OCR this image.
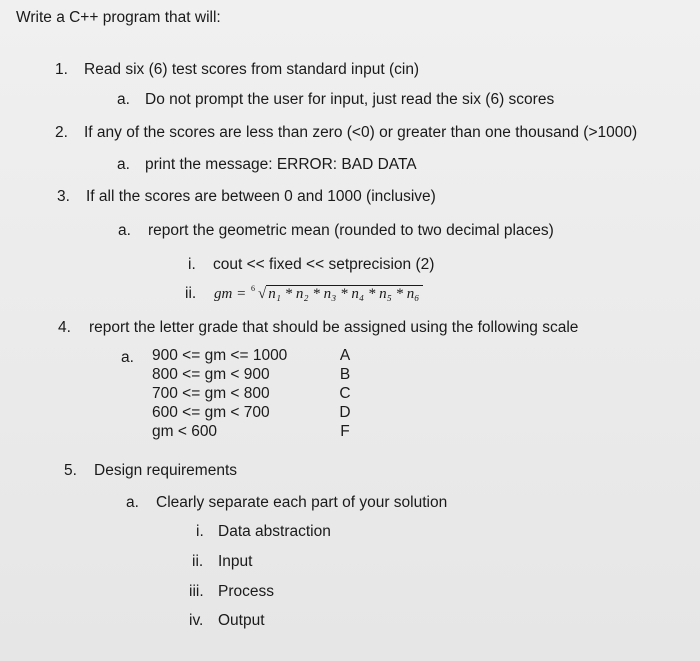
Write a C++ program that will:
1. Read six (6) test scores from standard input (cin)
a. Do not prompt the user for input, just read the six (6) scores
2. If any of the scores are less than zero (<0) or greater than one thousand (>1000)
a. print the message: ERROR: BAD DATA
3. If all the scores are between 0 and 1000 (inclusive)
a. report the geometric mean (rounded to two decimal places)
i. cout << fixed << setprecision (2)
ii. gm = 6 √ n₁ * n₂ * n₃ * n₄ * n₅ * n₆
4. report the letter grade that should be assigned using the following scale
a. 900 <= gm <= 1000	A
800 <= gm < 900	B
700 <= gm < 800	C
600 <= gm < 700	D
gm < 600	F
5. Design requirements
a. Clearly separate each part of your solution
i. Data abstraction
ii. Input
iii. Process
iv. Output
